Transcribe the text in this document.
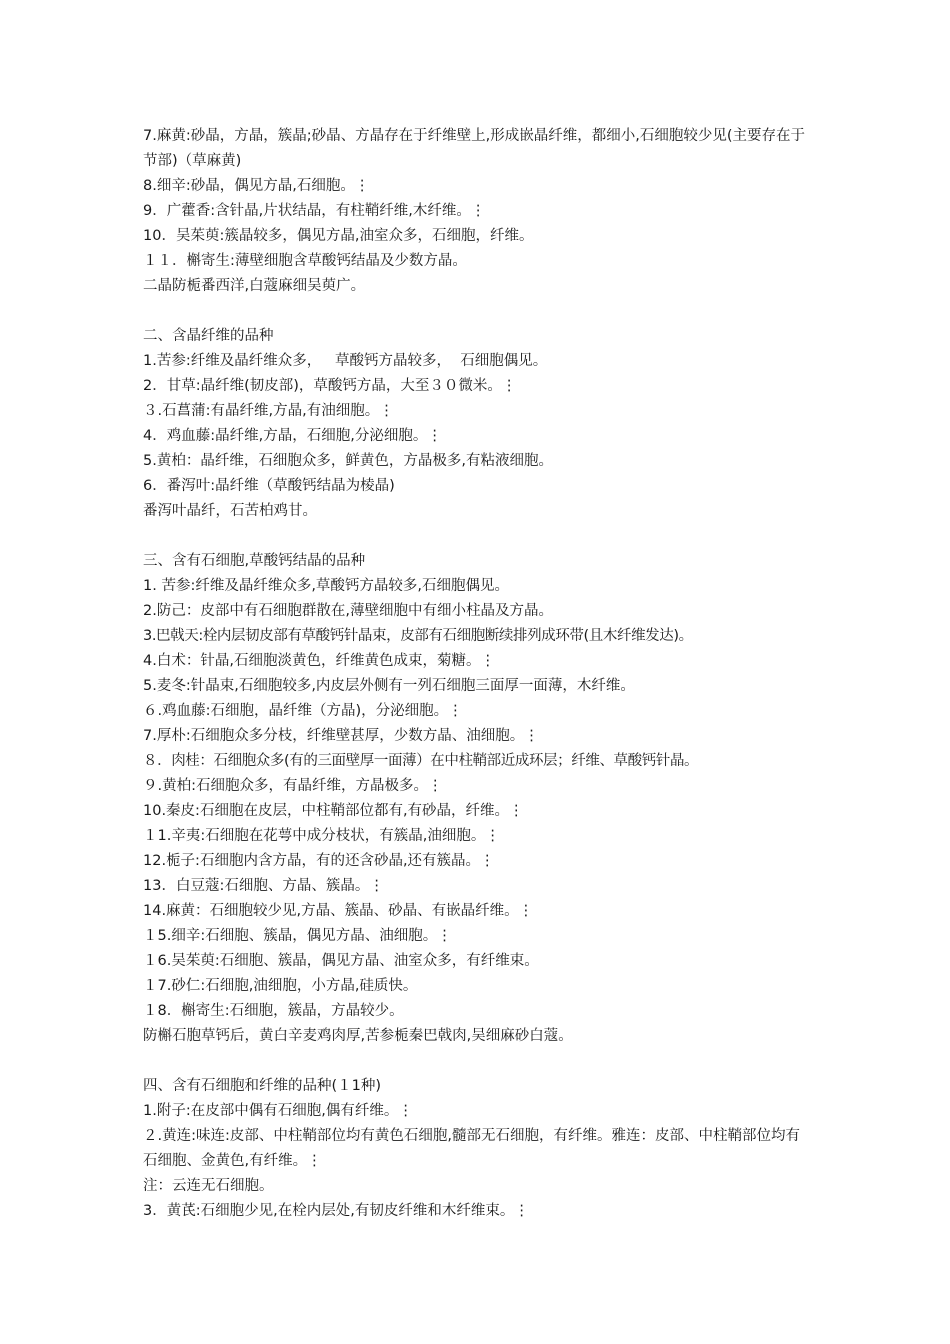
7.麻黄:砂晶，方晶，簇晶;砂晶、方晶存在于纤维壁上,形成嵌晶纤维，都细小,石细胞较少见(主要存在于节部)（草麻黄)
8.细辛:砂晶，偶见方晶,石细胞。⋮
9．广藿香:含针晶,片状结晶，有柱鞘纤维,木纤维。⋮
10．吴茱萸:簇晶较多，偶见方晶,油室众多，石细胞，纤维。
１１．槲寄生:薄壁细胞含草酸钙结晶及少数方晶。
二晶防栀番西洋,白蔻麻细吴萸广。
二、含晶纤维的品种
1.苦参:纤维及晶纤维众多，   草酸钙方晶较多，  石细胞偶见。
2．甘草:晶纤维(韧皮部)，草酸钙方晶，大至３０微米。⋮
３.石菖蒲:有晶纤维,方晶,有油细胞。⋮
4．鸡血藤:晶纤维,方晶，石细胞,分泌细胞。⋮
5.黄柏：晶纤维，石细胞众多，鲜黄色，方晶极多,有粘液细胞。
6．番泻叶:晶纤维（草酸钙结晶为棱晶)
番泻叶晶纤，石苦柏鸡甘。
三、含有石细胞,草酸钙结晶的品种
1. 苦参:纤维及晶纤维众多,草酸钙方晶较多,石细胞偶见。
2.防己：皮部中有石细胞群散在,薄壁细胞中有细小柱晶及方晶。
3.巴戟天:栓内层韧皮部有草酸钙针晶束，皮部有石细胞断续排列成环带(且木纤维发达)。
4.白术：针晶,石细胞淡黄色，纤维黄色成束，菊糖。⋮
5.麦冬:针晶束,石细胞较多,内皮层外侧有一列石细胞三面厚一面薄，木纤维。
６.鸡血藤:石细胞，晶纤维（方晶)，分泌细胞。⋮
7.厚朴:石细胞众多分枝，纤维壁甚厚，少数方晶、油细胞。⋮
８．肉桂：石细胞众多(有的三面壁厚一面薄）在中柱鞘部近成环层；纤维、草酸钙针晶。
９.黄柏:石细胞众多，有晶纤维，方晶极多。⋮
10.秦皮:石细胞在皮层，中柱鞘部位都有,有砂晶，纤维。⋮
１1.辛夷:石细胞在花萼中成分枝状，有簇晶,油细胞。⋮
12.栀子:石细胞内含方晶，有的还含砂晶,还有簇晶。⋮
13．白豆蔻:石细胞、方晶、簇晶。⋮
14.麻黄：石细胞较少见,方晶、簇晶、砂晶、有嵌晶纤维。⋮
１5.细辛:石细胞、簇晶，偶见方晶、油细胞。⋮
１6.吴茱萸:石细胞、簇晶，偶见方晶、油室众多，有纤维束。
１7.砂仁:石细胞,油细胞，小方晶,硅质快。
１8．槲寄生:石细胞，簇晶，方晶较少。
防槲石胞草钙后，黄白辛麦鸡肉厚,苦参栀秦巴戟肉,吴细麻砂白蔻。
四、含有石细胞和纤维的品种(１1种)
1.附子:在皮部中偶有石细胞,偶有纤维。⋮
２.黄连:味连:皮部、中柱鞘部位均有黄色石细胞,髓部无石细胞，有纤维。雅连：皮部、中柱鞘部位均有石细胞、金黄色,有纤维。⋮
注：云连无石细胞。
3．黄芪:石细胞少见,在栓内层处,有韧皮纤维和木纤维束。⋮
